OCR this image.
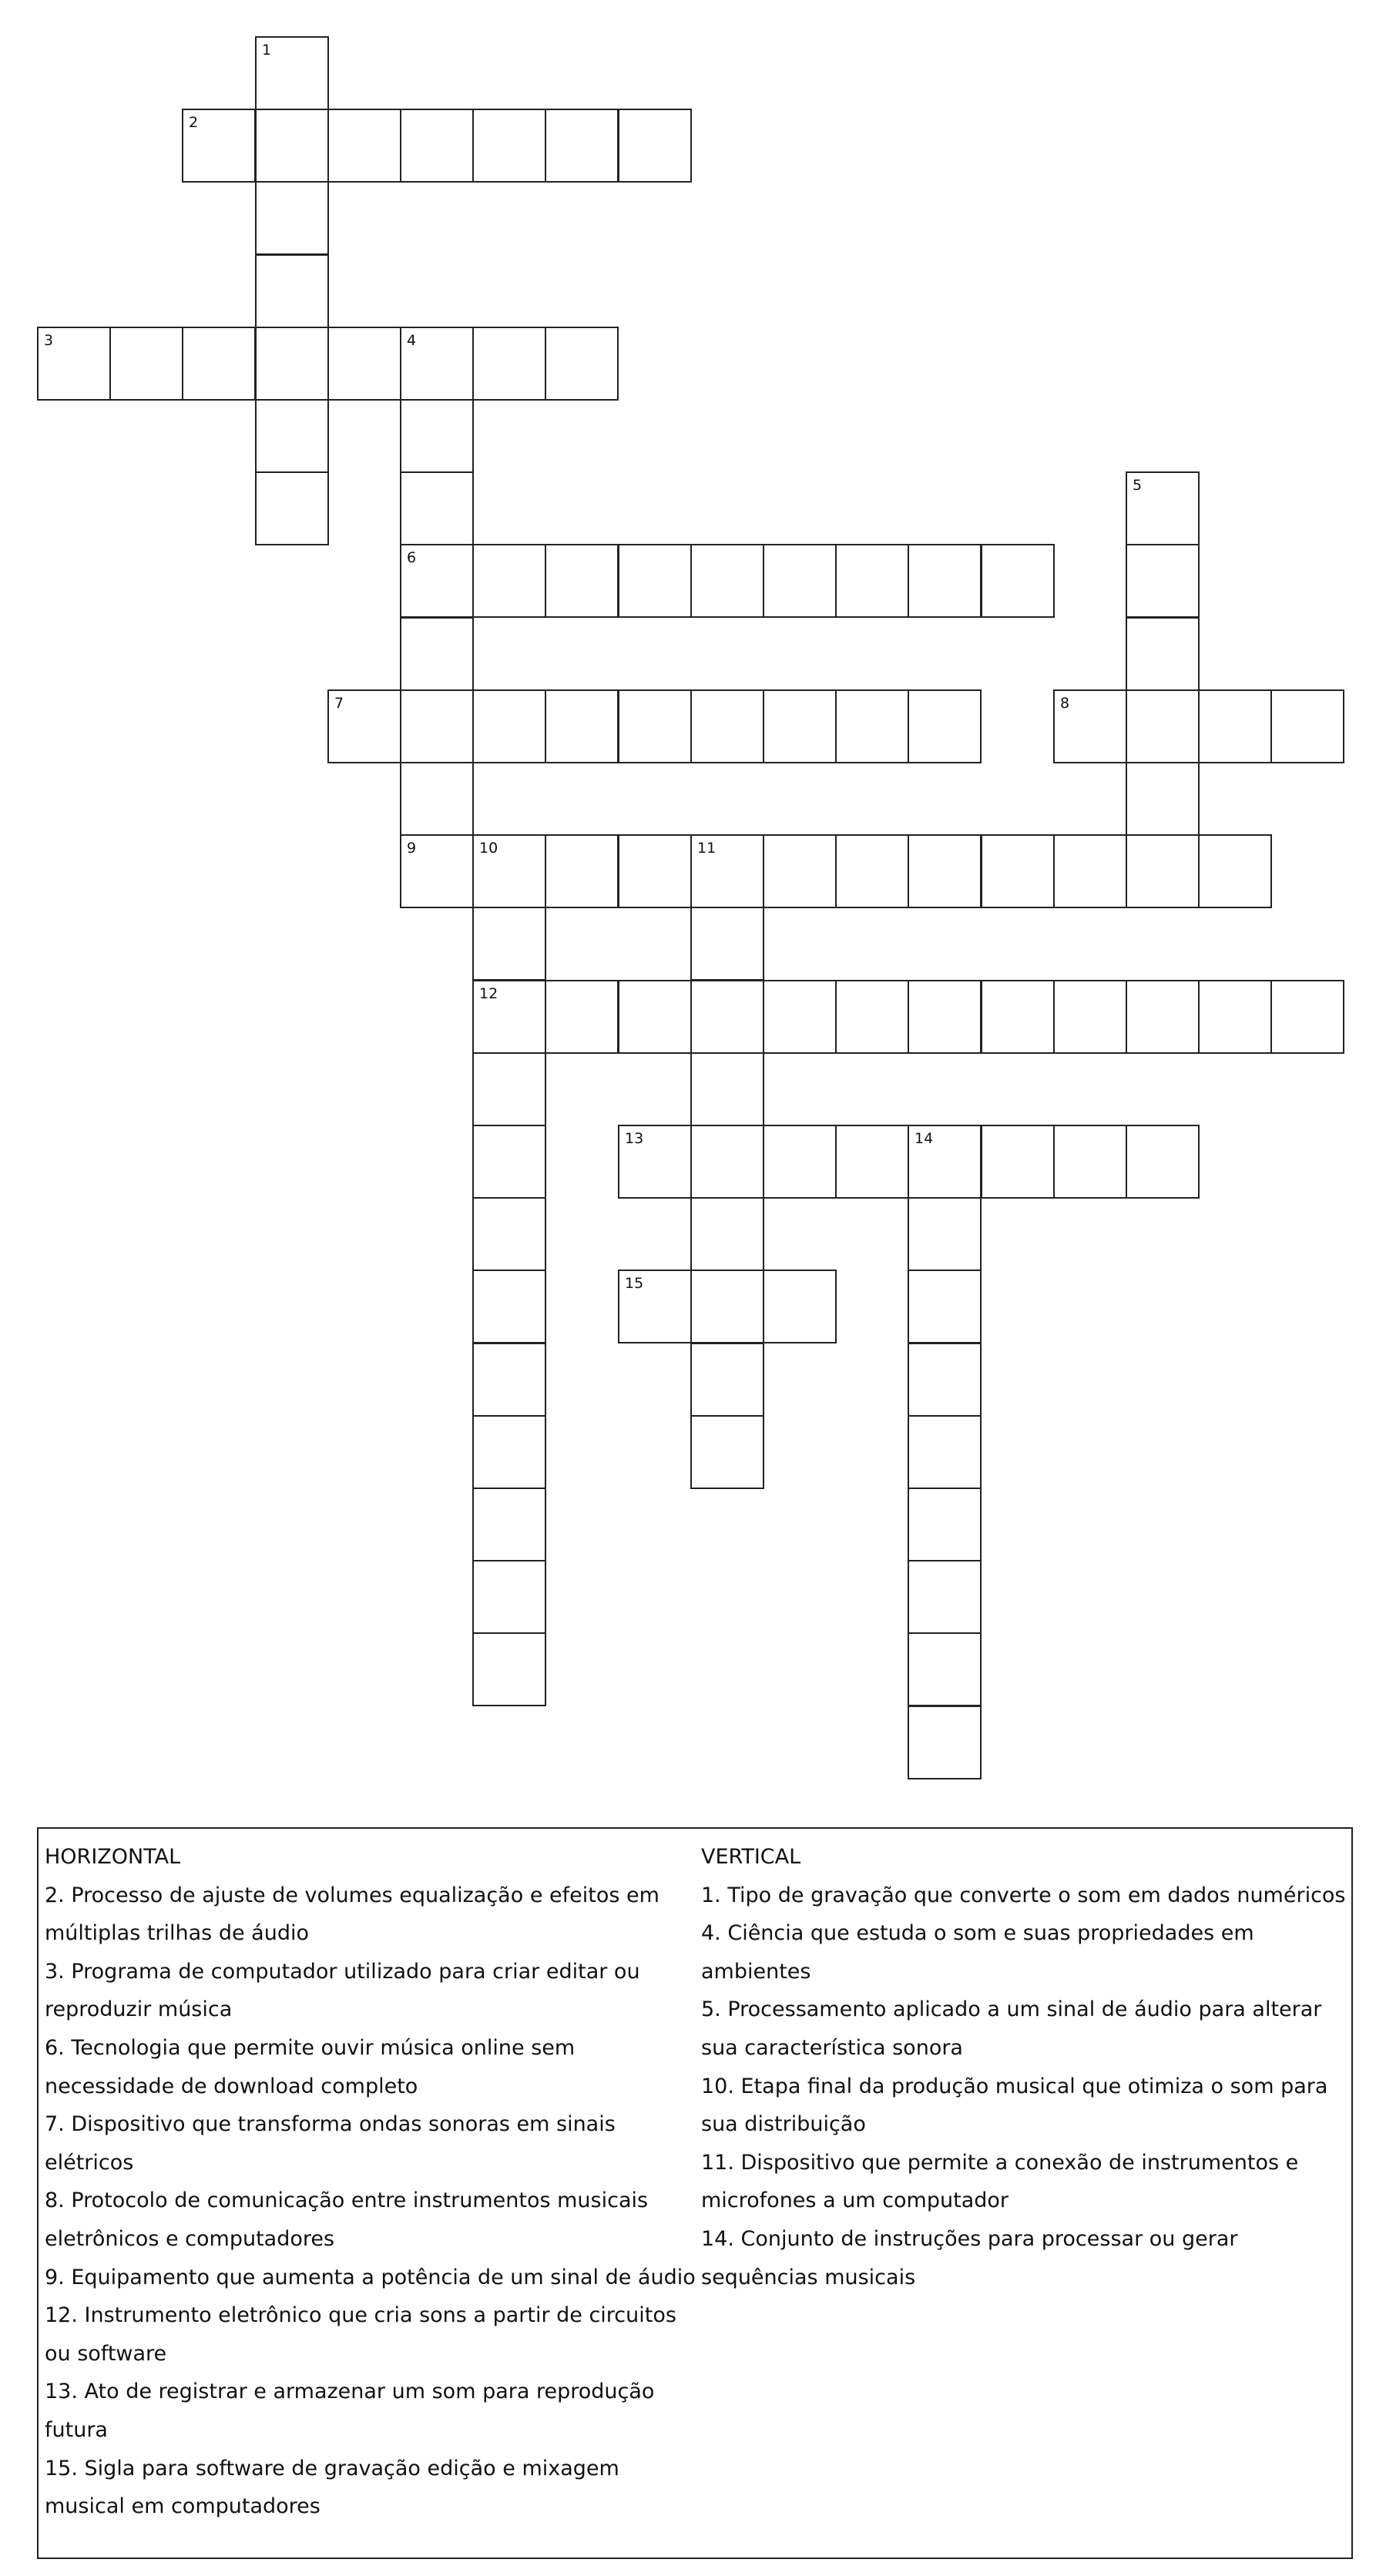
1
2
3	4
6
9
5
7	8
10	11
12
13	14
15

HORIZONTAL

2. Processo de ajuste de volumes equalização e efeitos em

múltiplas trilhas de áudio

3. Programa de computador utilizado para criar editar ou

reproduzir música

6. Tecnologia que permite ouvir música online sem

necessidade de download completo

7. Dispositivo que transforma ondas sonoras em sinais

elétricos

8. Protocolo de comunicação entre instrumentos musicais

eletrônicos e computadores

9. Equipamento que aumenta a potência de um sinal de áudio

12. Instrumento eletrônico que cria sons a partir de circuitos

ou software

13. Ato de registrar e armazenar um som para reprodução

futura

15. Sigla para software de gravação edição e mixagem

musical em computadores

VERTICAL

1. Tipo de gravação que converte o som em dados numéricos

4. Ciência que estuda o som e suas propriedades em

ambientes

5. Processamento aplicado a um sinal de áudio para alterar

sua característica sonora

10. Etapa final da produção musical que otimiza o som para

sua distribuição

11. Dispositivo que permite a conexão de instrumentos e

microfones a um computador

14. Conjunto de instruções para processar ou gerar

sequências musicais
